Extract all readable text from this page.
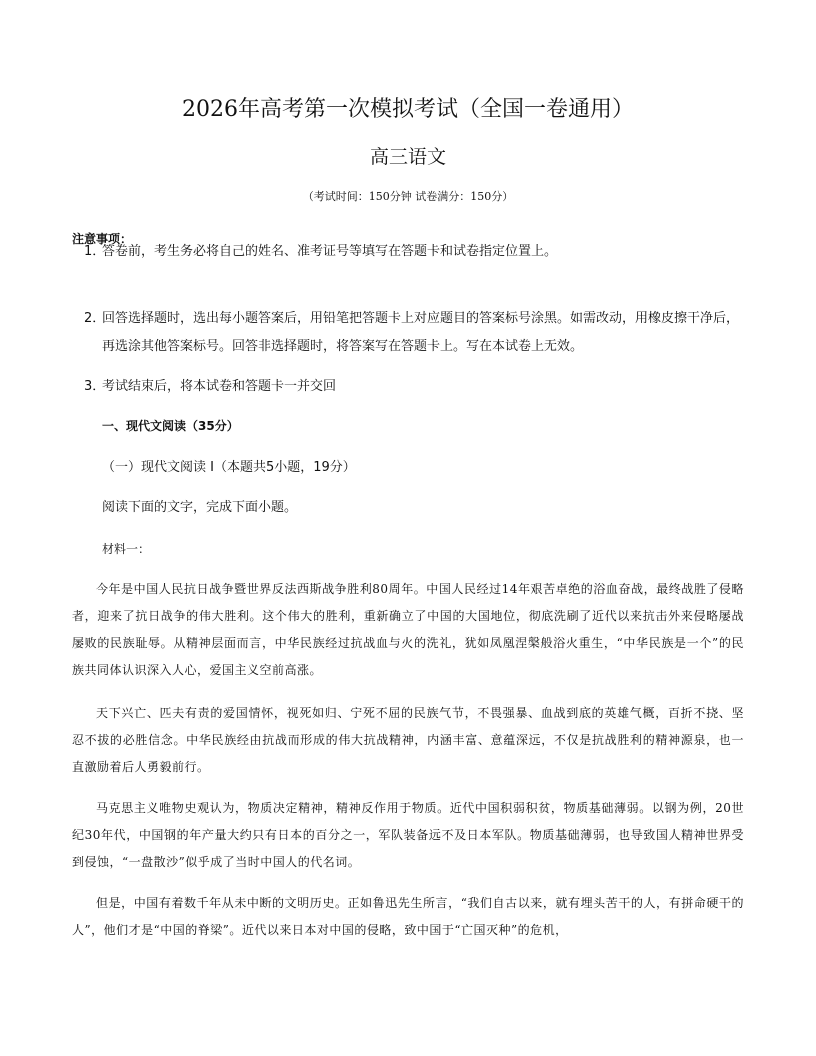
2026年高考第一次模拟考试（全国一卷通用）
高三语文
（考试时间：150分钟 试卷满分：150分）
注意事项：
1．答卷前，考生务必将自己的姓名、准考证号等填写在答题卡和试卷指定位置上。
2．回答选择题时，选出每小题答案后，用铅笔把答题卡上对应题目的答案标号涂黑。如需改动，用橡皮擦干净后，再选涂其他答案标号。回答非选择题时，将答案写在答题卡上。写在本试卷上无效。
3．考试结束后，将本试卷和答题卡一并交回
一、现代文阅读（35分）
（一）现代文阅读 I（本题共5小题，19分）
阅读下面的文字，完成下面小题。
材料一：
今年是中国人民抗日战争暨世界反法西斯战争胜利80周年。中国人民经过14年艰苦卓绝的浴血奋战，最终战胜了侵略者，迎来了抗日战争的伟大胜利。这个伟大的胜利，重新确立了中国的大国地位，彻底洗刷了近代以来抗击外来侵略屡战屡败的民族耻辱。从精神层面而言，中华民族经过抗战血与火的洗礼，犹如凤凰涅槃般浴火重生，“中华民族是一个”的民族共同体认识深入人心，爱国主义空前高涨。
天下兴亡、匹夫有责的爱国情怀，视死如归、宁死不屈的民族气节，不畏强暴、血战到底的英雄气概，百折不挠、坚忍不拔的必胜信念。中华民族经由抗战而形成的伟大抗战精神，内涵丰富、意蕴深远，不仅是抗战胜利的精神源泉，也一直激励着后人勇毅前行。
马克思主义唯物史观认为，物质决定精神，精神反作用于物质。近代中国积弱积贫，物质基础薄弱。以钢为例，20世纪30年代，中国钢的年产量大约只有日本的百分之一，军队装备远不及日本军队。物质基础薄弱，也导致国人精神世界受到侵蚀，“一盘散沙”似乎成了当时中国人的代名词。
但是，中国有着数千年从未中断的文明历史。正如鲁迅先生所言，“我们自古以来，就有埋头苦干的人，有拼命硬干的人”，他们才是“中国的脊梁”。近代以来日本对中国的侵略，致中国于“亡国灭种”的危机，
